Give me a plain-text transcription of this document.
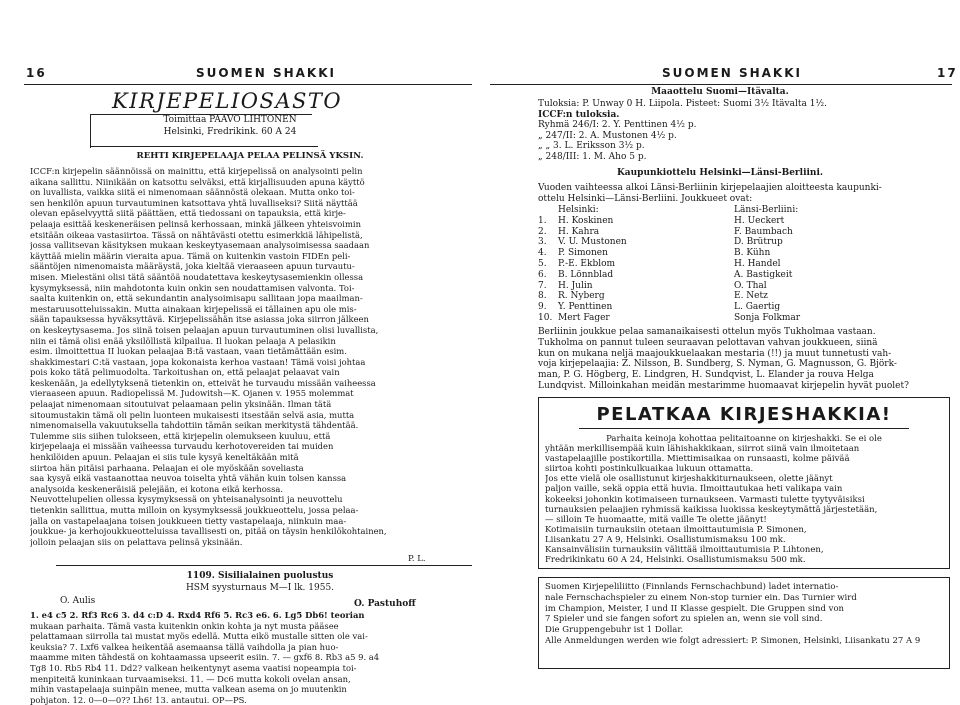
16	SUOMEN SHAKKI
KIRJEPELIOSASTO
Toimittaa PAAVO LIHTONEN
Helsinki, Fredrikink. 60 A 24
REHTI KIRJEPELAAJA PELAA PELINSÄ YKSIN.
ICCF:n kirjepelin säännöissä on mainittu, että kirjepelissä on analysointi pelin
aikana sallittu. Niinikään on katsottu selväksi, että kirjallisuuden apuna käyttö
on luvallista, vaikka siitä ei nimenomaan säännöstä olekaan. Mutta onko toi-
sen henkilön apuun turvautuminen katsottava yhtä luvalliseksi? Siitä näyttää
olevan epäselvyyttä siitä päättäen, että tiedossani on tapauksia, että kirje-
pelaaja esittää keskeneräisen pelinsä kerhossaan, minkä jälkeen yhteisvoimin
etsitään oikeaa vastasiirtoa. Tässä on nähtävästi otettu esimerkkiä lähipelistä,
jossa vallitsevan käsityksen mukaan keskeytyasemaan analysoimisessa saadaan
käyttää mielin määrin vieraita apua. Tämä on kuitenkin vastoin FIDEn peli-
sääntöjen nimenomaista määräystä, joka kieltää vieraaseen apuun turvautu-
misen. Mielestäni olisi tätä sääntöä noudatettava keskeytysasemienkin ollessa
kysymyksessä, niin mahdotonta kuin onkin sen noudattamisen valvonta. Toi-
saalta kuitenkin on, että sekundantin analysoimisapu sallitaan jopa maailman-
mestaruusotteluissakin. Mutta ainakaan kirjepelissä ei tällainen apu ole mis-
sään tapauksessa hyväksyttävä. Kirjepelissähän itse asiassa joka siirron jälkeen
on keskeytysasema. Jos siinä toisen pelaajan apuun turvautuminen olisi luvallista,
niin ei tämä olisi enää yksilöllistä kilpailua. Il luokan pelaaja A pelasikin
esim. ilmoittettua II luokan pelaajaa B:tä vastaan, vaan tietämättään esim.
shakkimestari C:tä vastaan, jopa kokonaista kerhoa vastaan! Tämä voisi johtaa
pois koko tätä pelimuodolta. Tarkoitushan on, että pelaajat pelaavat vain
keskenään, ja edellytyksenä tietenkin on, etteivät he turvaudu missään vaiheessa
vieraaseen apuun. Radiopelissä M. Judowitsh—K. Ojanen v. 1955 molemmat
pelaajat nimenomaan sitoutuivat pelaamaan pelin yksinään. Ilman tätä
sitoumustakin tämä oli pelin luonteen mukaisesti itsestään selvä asia, mutta
nimenomaisella vakuutuksella tahdottiin tämän seikan merkitystä tähdentää.
Tulemme siis siihen tulokseen, että kirjepelin olemukseen kuuluu, että
kirjepelaaja ei missään vaiheessa turvaudu kerhotovereiden tai muiden
henkilöiden apuun. Pelaajan ei siis tule kysyä keneltäkään mitä
siirtoa hän pitäisi parhaana. Pelaajan ei ole myöskään soveliasta
saa kysyä eikä vastaanottaa neuvoa toiselta yhtä vähän kuin tolsen kanssa
analysoida keskeneräisiä pelejään, ei kotona eikä kerhossa.
Neuvottelupelien ollessa kysymyksessä on yhteisanalysointi ja neuvottelu
tietenkin sallittua, mutta milloin on kysymyksessä joukkueottelu, jossa pelaa-
jalla on vastapelaajana toisen joukkueen tietty vastapelaaja, niinkuin maa-
joukkue- ja kerhojoukkueotteluissa tavallisesti on, pitää on täysin henkilökohtainen,
jolloin pelaajan siis on pelattava pelinsä yksinään.
P. L.
1109. Sisilialainen puolustus
HSM syysturnaus M—I lk. 1955.
O. Aulis	O. Pastuhoff
1. e4 c5 2. Rf3 Rc6 3. d4 c:D 4. Rxd4 Rf6 5. Rc3 e6. 6. Lg5 Db6! teorian
mukaan parhaita. Tämä vasta kuitenkin onkin kohta ja nyt musta pääsee
pelattamaan siirrolla tai mustat myös edellä. Mutta eikö mustalle sitten ole vai-
keuksia? 7. Lxf6 valkea heikentää asemaansa tällä vaihdolla ja pian huo-
maamme miten tähdestä on kohtaamassa upseerit esiin. 7. — gxf6 8. Rb3 a5 9. a4
Tg8 10. Rb5 Rb4 11. Dd2? valkean heikentynyt asema vaatisi nopeampia toi-
menpiteitä kuninkaan turvaamiseksi. 11. — Dc6 mutta kokoli ovelan ansan,
mihin vastapelaaja suinpäin menee, mutta valkean asema on jo muutenkin
pohjaton. 12. 0—0—0?? Lh6! 13. antautui. OP—PS.
SUOMEN SHAKKI	17
Maaottelu Suomi—Itävalta.
Tuloksia: P. Unway 0 H. Liipola. Pisteet: Suomi 3½ Itävalta 1½.
ICCF:n tuloksia.
Ryhmä 246/I: 2. Y. Penttinen 4½ p.
„ 247/II: 2. A. Mustonen 4½ p.
„ „ 3. L. Eriksson 3½ p.
„ 248/III: 1. M. Aho 5 p.
Kaupunkiottelu Helsinki—Länsi-Berliini.
Vuoden vaihteessa alkoi Länsi-Berliinin kirjepelaajien aloitteesta kaupunki-
ottelu Helsinki—Länsi-Berliini. Joukkueet ovat:
Helsinki:	Länsi-Berliini:
1.	H. Koskinen	H. Ueckert
2.	H. Kahra	F. Baumbach
3.	V. U. Mustonen	D. Brütrup
4.	P. Simonen	B. Kühn
5.	P.-E. Ekblom	H. Handel
6.	B. Lönnblad	A. Bastigkeit
7.	H. Julin	O. Thal
8.	R. Nyberg	E. Netz
9.	Y. Penttinen	L. Gaertig
10. Mert Fager	Sonja Folkmar
Berliinin joukkue pelaa samanaikaisesti ottelun myös Tukholmaa vastaan.
Tukholma on pannut tuleen seuraavan pelottavan vahvan joukkueen, siinä
kun on mukana neljä maajoukkuelaakan mestaria (!!) ja muut tunnetusti vah-
voja kirjepelaajia: Z. Nilsson, B. Sundberg, S. Nyman, G. Magnusson, G. Björk-
man, P. G. Högberg, E. Lindgren, H. Sundqvist, L. Elander ja rouva Helga
Lundqvist. Milloinkahan meidän mestarimme huomaavat kirjepelin hyvät puolet?
PELATKAA KIRJESHAKKIA!
Parhaita keinoja kohottaa pelitaitoanne on kirjeshakki. Se ei ole
yhtään merkillisempää kuin lähishakkikaan, siirrot siinä vain ilmoitetaan
vastapelaajille postikortilla. Miettimisaikaa on runsaasti, kolme päivää
siirtoa kohti postinkulkuaikaa lukuun ottamatta.
Jos ette vielä ole osallistunut kirjeshakkiturnaukseen, olette jäänyt
paljon vaille, sekä oppia että huvia. Ilmoittautukaa heti valikapa vain
kokeeksi johonkin kotimaiseen turnaukseen. Varmasti tulette tyytyväisiksi
turnauksien pelaajien ryhmissä kaikissa luokissa keskeytymättä järjestetään,
— silloin Te huomaatte, mitä vaille Te olette jäänyt!
Kotimaisiin turnauksiin otetaan ilmoittautumisia P. Simonen,
Liisankatu 27 A 9, Helsinki. Osallistumismaksu 100 mk.
Kansainvälisiin turnauksiin välittää ilmoittautumisia P. Lihtonen,
Fredrikinkatu 60 A 24, Helsinki. Osallistumismaksu 500 mk.
Suomen Kirjepeliliitto (Finnlands Fernschachbund) ladet internatio-
nale Fernschachspieler zu einem Non-stop turnier ein. Das Turnier wird
im Champion, Meister, I und II Klasse gespielt. Die Gruppen sind von
7 Spieler und sie fangen sofort zu spielen an, wenn sie voll sind.
Die Gruppengebuhr ist 1 Dollar.
Alle Anmeldungen werden wie folgt adressiert: P. Simonen, Helsinki, Liisankatu 27 A 9
